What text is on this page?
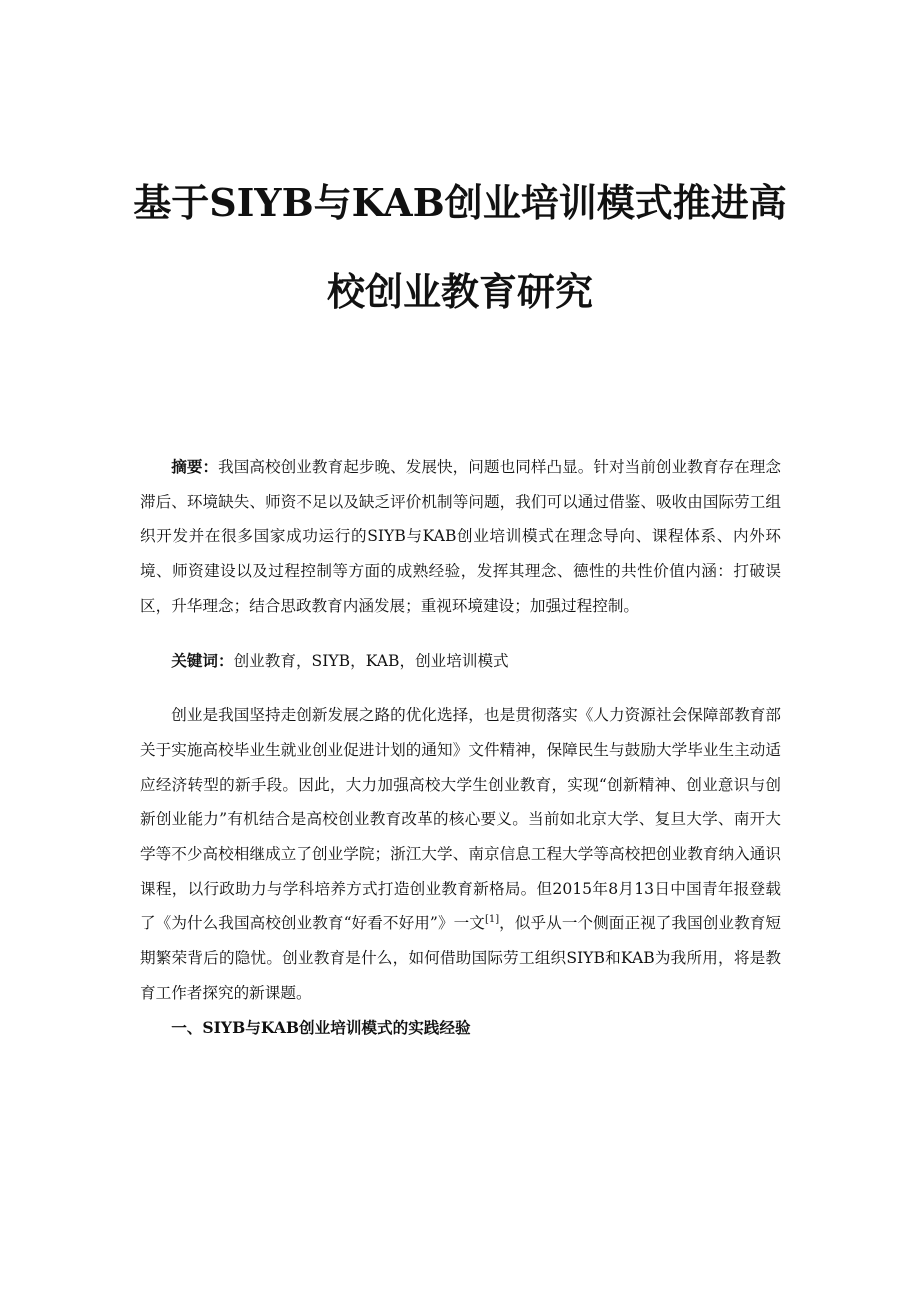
基于SIYB与KAB创业培训模式推进高
校创业教育研究

摘要：我国高校创业教育起步晚、发展快，问题也同样凸显。针对当前创业教育存在理念滞后、环境缺失、师资不足以及缺乏评价机制等问题，我们可以通过借鉴、吸收由国际劳工组织开发并在很多国家成功运行的SIYB与KAB创业培训模式在理念导向、课程体系、内外环境、师资建设以及过程控制等方面的成熟经验，发挥其理念、德性的共性价值内涵：打破误区，升华理念；结合思政教育内涵发展；重视环境建设；加强过程控制。

关键词：创业教育，SIYB，KAB，创业培训模式

创业是我国坚持走创新发展之路的优化选择，也是贯彻落实《人力资源社会保障部教育部关于实施高校毕业生就业创业促进计划的通知》文件精神，保障民生与鼓励大学毕业生主动适应经济转型的新手段。因此，大力加强高校大学生创业教育，实现“创新精神、创业意识与创新创业能力”有机结合是高校创业教育改革的核心要义。当前如北京大学、复旦大学、南开大学等不少高校相继成立了创业学院；浙江大学、南京信息工程大学等高校把创业教育纳入通识课程，以行政助力与学科培养方式打造创业教育新格局。但2015年8月13日中国青年报登载了《为什么我国高校创业教育“好看不好用”》一文[1]，似乎从一个侧面正视了我国创业教育短期繁荣背后的隐忧。创业教育是什么，如何借助国际劳工组织SIYB和KAB为我所用，将是教育工作者探究的新课题。

一、SIYB与KAB创业培训模式的实践经验
